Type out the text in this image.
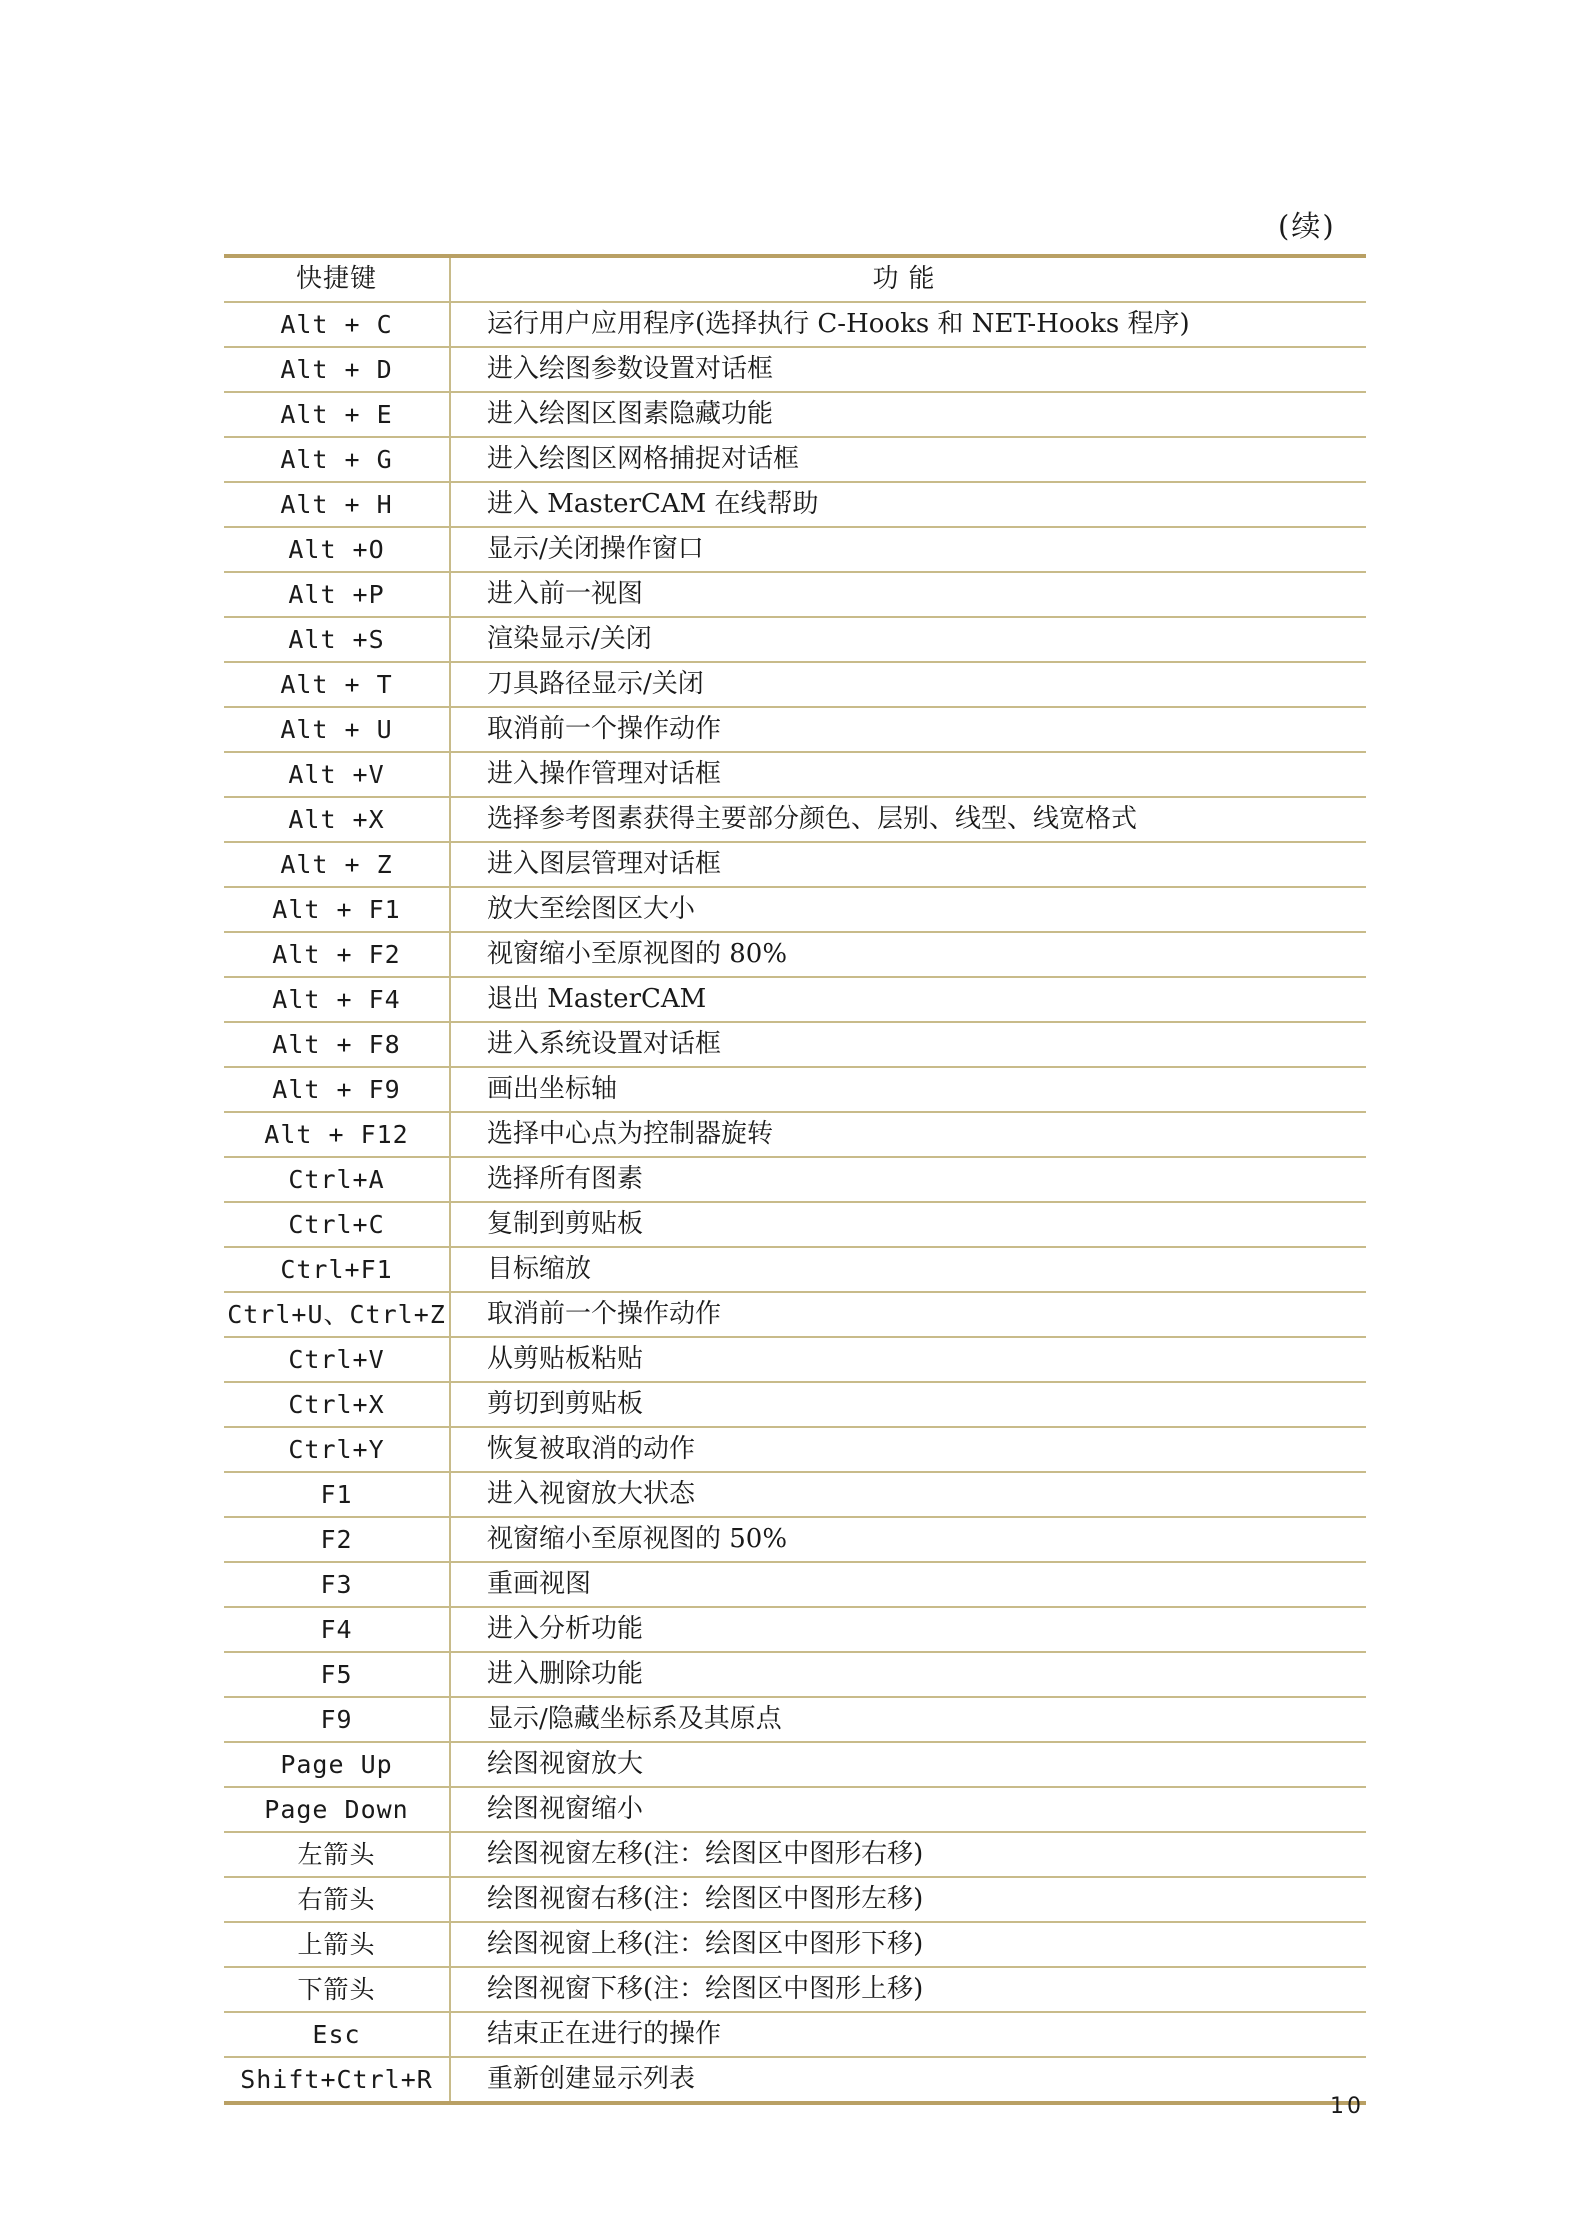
(续)
快捷键	功能
Alt + C	运行用户应用程序(选择执行 C-Hooks 和 NET-Hooks 程序)
Alt + D	进入绘图参数设置对话框
Alt + E	进入绘图区图素隐藏功能
Alt + G	进入绘图区网格捕捉对话框
Alt + H	进入 MasterCAM 在线帮助
Alt +O	显示/关闭操作窗口
Alt +P	进入前一视图
Alt +S	渲染显示/关闭
Alt + T	刀具路径显示/关闭
Alt + U	取消前一个操作动作
Alt +V	进入操作管理对话框
Alt +X	选择参考图素获得主要部分颜色、层别、线型、线宽格式
Alt + Z	进入图层管理对话框
Alt + F1	放大至绘图区大小
Alt + F2	视窗缩小至原视图的 80%
Alt + F4	退出 MasterCAM
Alt + F8	进入系统设置对话框
Alt + F9	画出坐标轴
Alt + F12	选择中心点为控制器旋转
Ctrl+A	选择所有图素
Ctrl+C	复制到剪贴板
Ctrl+F1	目标缩放
Ctrl+U、Ctrl+Z	取消前一个操作动作
Ctrl+V	从剪贴板粘贴
Ctrl+X	剪切到剪贴板
Ctrl+Y	恢复被取消的动作
F1	进入视窗放大状态
F2	视窗缩小至原视图的 50%
F3	重画视图
F4	进入分析功能
F5	进入删除功能
F9	显示/隐藏坐标系及其原点
Page Up	绘图视窗放大
Page Down	绘图视窗缩小
左箭头	绘图视窗左移(注：绘图区中图形右移)
右箭头	绘图视窗右移(注：绘图区中图形左移)
上箭头	绘图视窗上移(注：绘图区中图形下移)
下箭头	绘图视窗下移(注：绘图区中图形上移)
Esc	结束正在进行的操作
Shift+Ctrl+R	重新创建显示列表
10
